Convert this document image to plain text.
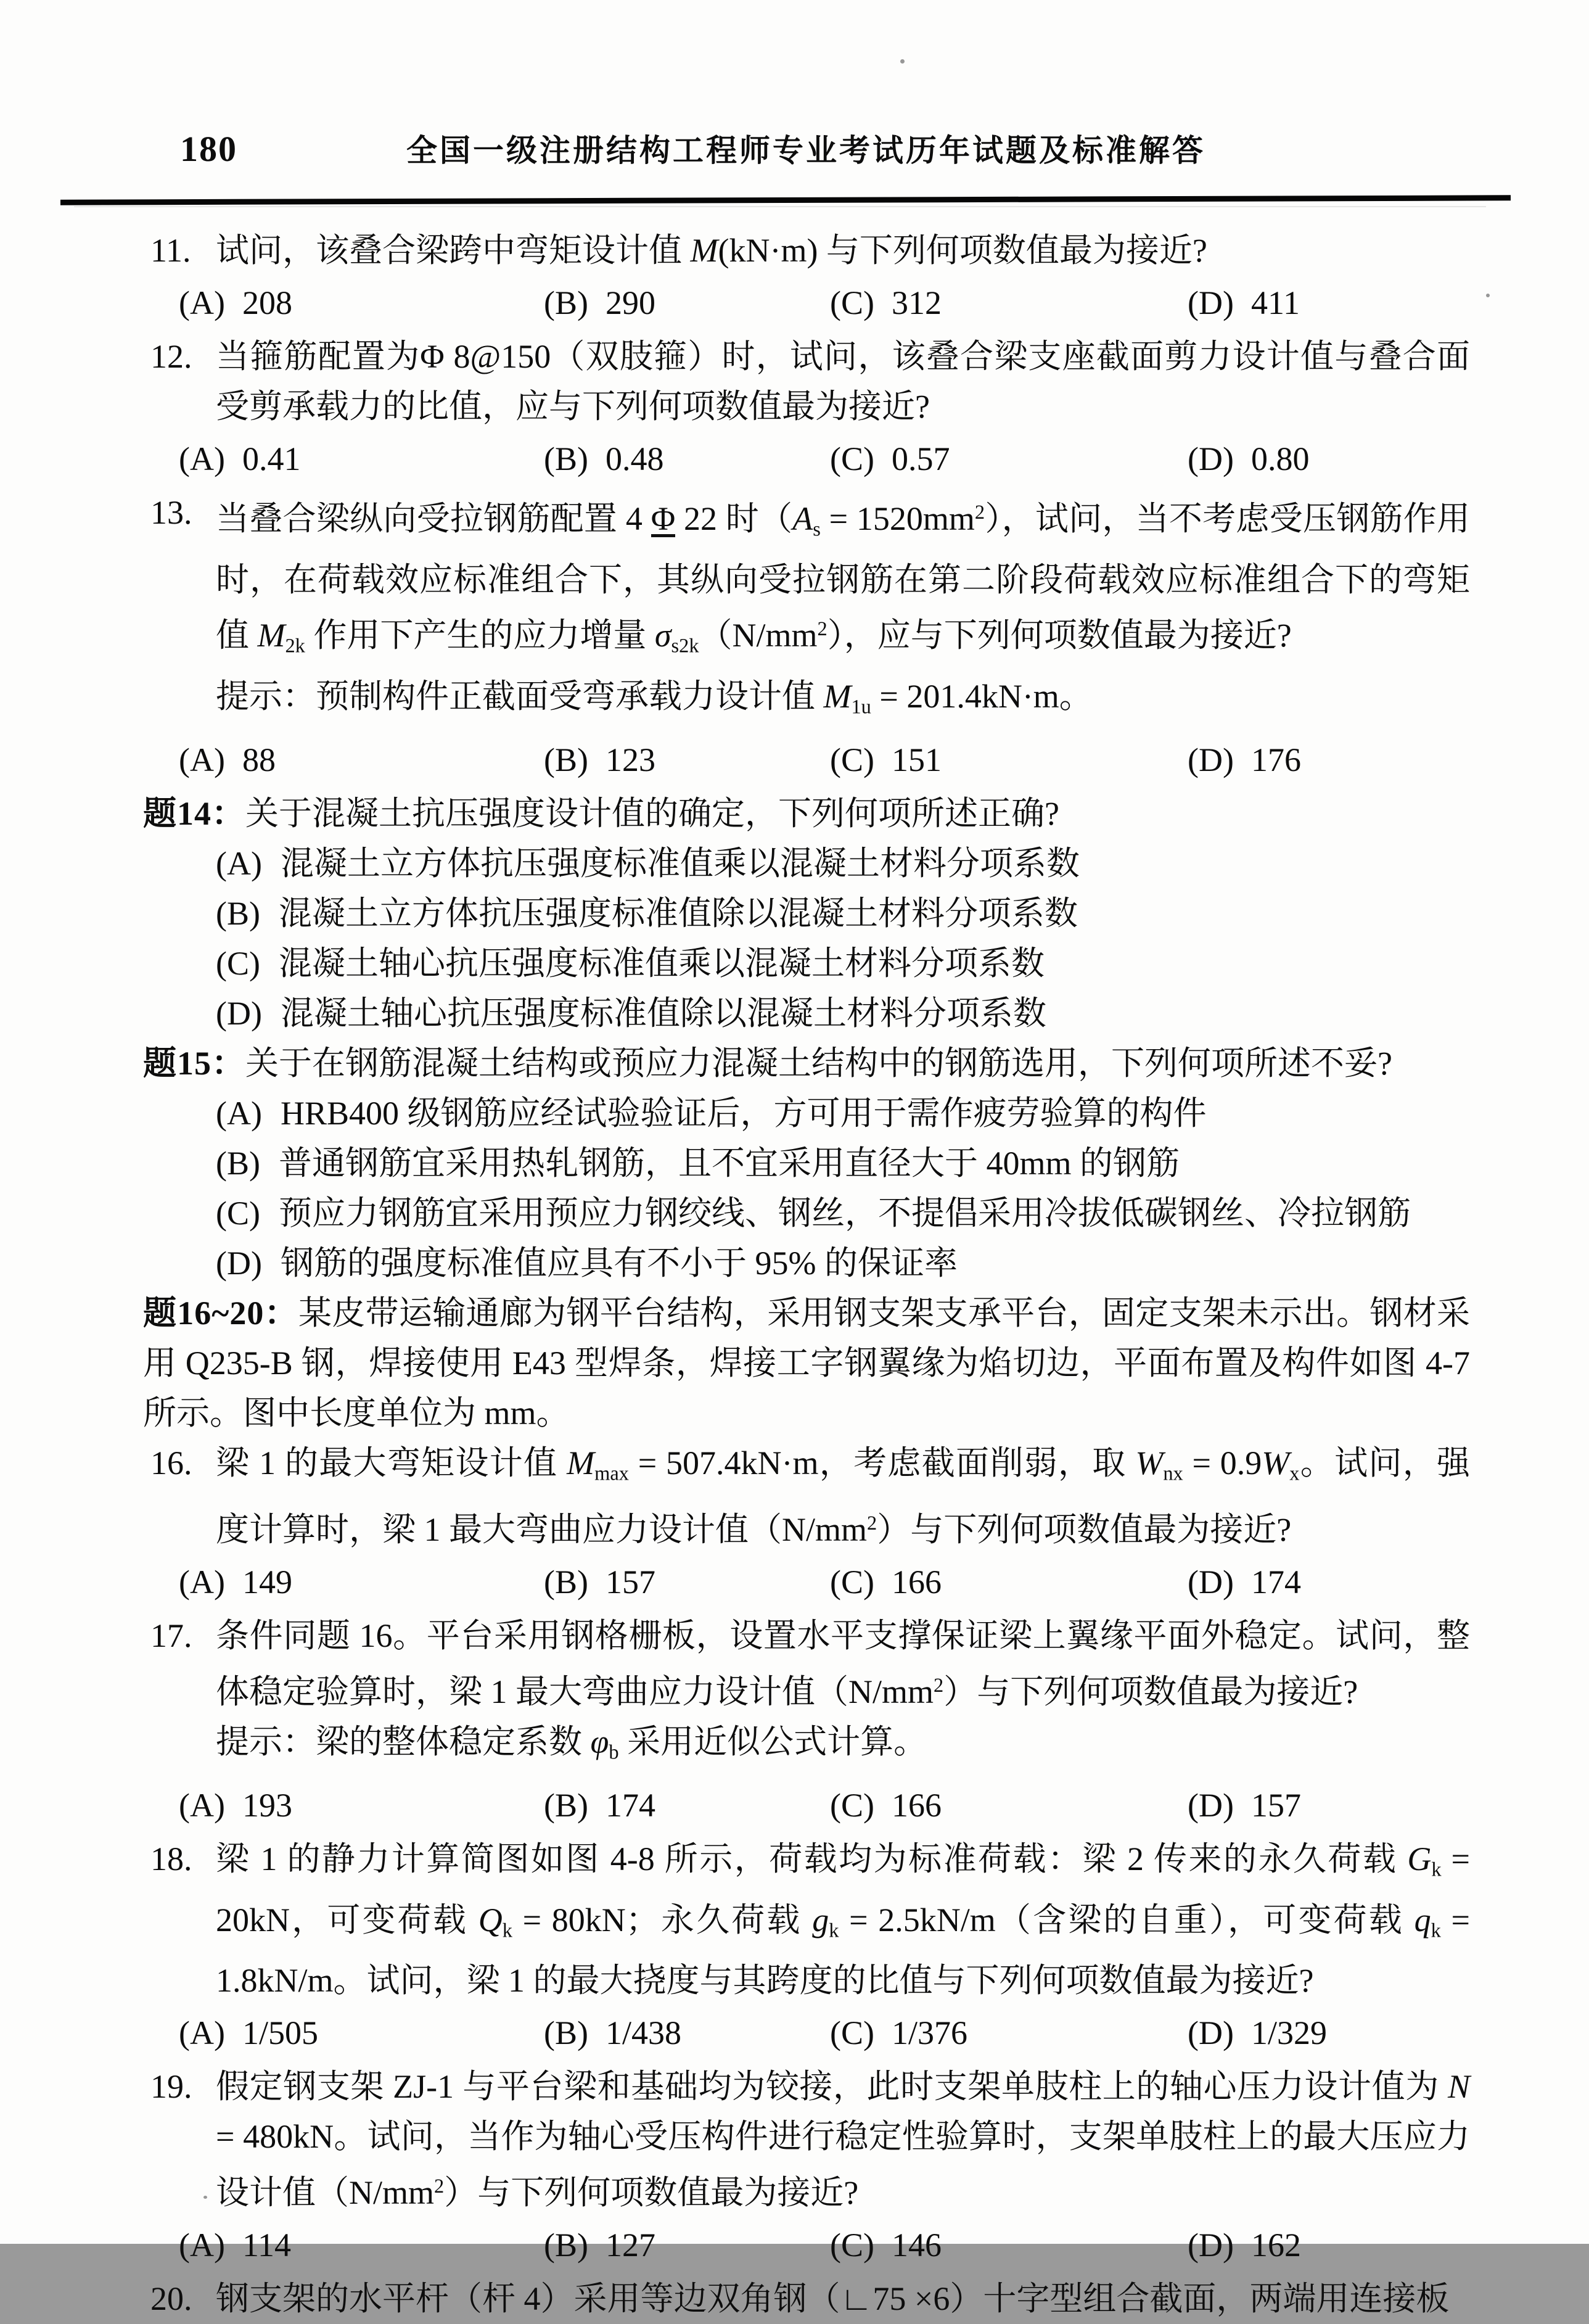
180	全国一级注册结构工程师专业考试历年试题及标准解答
11. 试问，该叠合梁跨中弯矩设计值 M(kN·m) 与下列何项数值最为接近?
(A) 208	(B) 290	(C) 312	(D) 411
12. 当箍筋配置为Φ 8@150（双肢箍）时，试问，该叠合梁支座截面剪力设计值与叠合面受剪承载力的比值，应与下列何项数值最为接近?
(A) 0.41	(B) 0.48	(C) 0.57	(D) 0.80
13. 当叠合梁纵向受拉钢筋配置 4 Φ 22 时$(As = 1520mm^2)$，试问，当不考虑受压钢筋作用时，在荷载效应标准组合下，其纵向受拉钢筋在第二阶段荷载效应标准组合下的弯矩值 M2k 作用下产生的应力增量 $\sigma s2k(N/mm^2)$，应与下列何项数值最为接近?
提示：预制构件正截面受弯承载力设计值 M1u = 201.4kN·m。
(A) 88	(B) 123	(C) 151	(D) 176
题14：关于混凝土抗压强度设计值的确定，下列何项所述正确?
(A) 混凝土立方体抗压强度标准值乘以混凝土材料分项系数
(B) 混凝土立方体抗压强度标准值除以混凝土材料分项系数
(C) 混凝土轴心抗压强度标准值乘以混凝土材料分项系数
(D) 混凝土轴心抗压强度标准值除以混凝土材料分项系数
题15：关于在钢筋混凝土结构或预应力混凝土结构中的钢筋选用，下列何项所述不妥?
(A) HRB400 级钢筋应经试验验证后，方可用于需作疲劳验算的构件
(B) 普通钢筋宜采用热轧钢筋，且不宜采用直径大于 40mm 的钢筋
(C) 预应力钢筋宜采用预应力钢绞线、钢丝，不提倡采用冷拔低碳钢丝、冷拉钢筋
(D) 钢筋的强度标准值应具有不小于 95% 的保证率
题16~20：某皮带运输通廊为钢平台结构，采用钢支架支承平台，固定支架未示出。钢材采用 Q235-B 钢，焊接使用 E43 型焊条，焊接工字钢翼缘为焰切边，平面布置及构件如图 4-7 所示。图中长度单位为 mm。
16. 梁 1 的最大弯矩设计值 Mmax = 507.4kN·m，考虑截面削弱，取 Wnx = 0.9Wx。试问，强度计算时，梁 1 最大弯曲应力设计值$(N/mm^2)$与下列何项数值最为接近?
(A) 149	(B) 157	(C) 166	(D) 174
17. 条件同题 16。平台采用钢格栅板，设置水平支撑保证梁上翼缘平面外稳定。试问，整体稳定验算时，梁 1 最大弯曲应力设计值$(N/mm^2)$与下列何项数值最为接近?
提示：梁的整体稳定系数 φb 采用近似公式计算。
(A) 193	(B) 174	(C) 166	(D) 157
18. 梁 1 的静力计算简图如图 4-8 所示，荷载均为标准荷载：梁 2 传来的永久荷载 Gk = 20kN，可变荷载 Qk = 80kN；永久荷载 gk = 2.5kN/m（含梁的自重），可变荷载 qk = 1.8kN/m。试问，梁 1 的最大挠度与其跨度的比值与下列何项数值最为接近?
(A) 1/505	(B) 1/438	(C) 1/376	(D) 1/329
19. 假定钢支架 ZJ-1 与平台梁和基础均为铰接，此时支架单肢柱上的轴心压力设计值为 N = 480kN。试问，当作为轴心受压构件进行稳定性验算时，支架单肢柱上的最大压应力设计值$(N/mm^2)$与下列何项数值最为接近?
(A) 114	(B) 127	(C) 146	(D) 162
20. 钢支架的水平杆（杆 4）采用等边双角钢（∟75 ×6）十字型组合截面，两端用连接板
